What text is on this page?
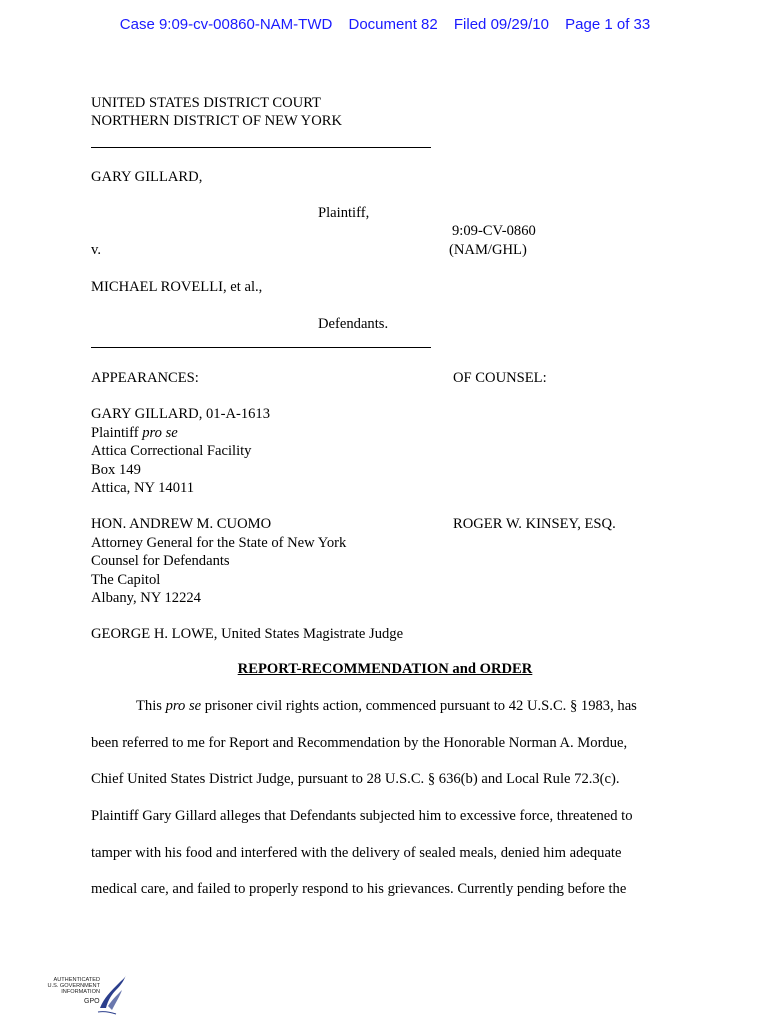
Case 9:09-cv-00860-NAM-TWD Document 82 Filed 09/29/10 Page 1 of 33
UNITED STATES DISTRICT COURT
NORTHERN DISTRICT OF NEW YORK
GARY GILLARD,
Plaintiff,
9:09-CV-0860
v.	(NAM/GHL)
MICHAEL ROVELLI, et al.,
Defendants.
APPEARANCES:	OF COUNSEL:
GARY GILLARD, 01-A-1613
Plaintiff pro se
Attica Correctional Facility
Box 149
Attica, NY 14011
HON. ANDREW M. CUOMO
Attorney General for the State of New York
Counsel for Defendants
The Capitol
Albany, NY 12224
ROGER W. KINSEY, ESQ.
GEORGE H. LOWE, United States Magistrate Judge
REPORT-RECOMMENDATION and ORDER
This pro se prisoner civil rights action, commenced pursuant to 42 U.S.C. § 1983, has
been referred to me for Report and Recommendation by the Honorable Norman A. Mordue,
Chief United States District Judge, pursuant to 28 U.S.C. § 636(b) and Local Rule 72.3(c).
Plaintiff Gary Gillard alleges that Defendants subjected him to excessive force, threatened to
tamper with his food and interfered with the delivery of sealed meals, denied him adequate
medical care, and failed to properly respond to his grievances. Currently pending before the
AUTHENTICATED
U.S. GOVERNMENT
INFORMATION
GPO
